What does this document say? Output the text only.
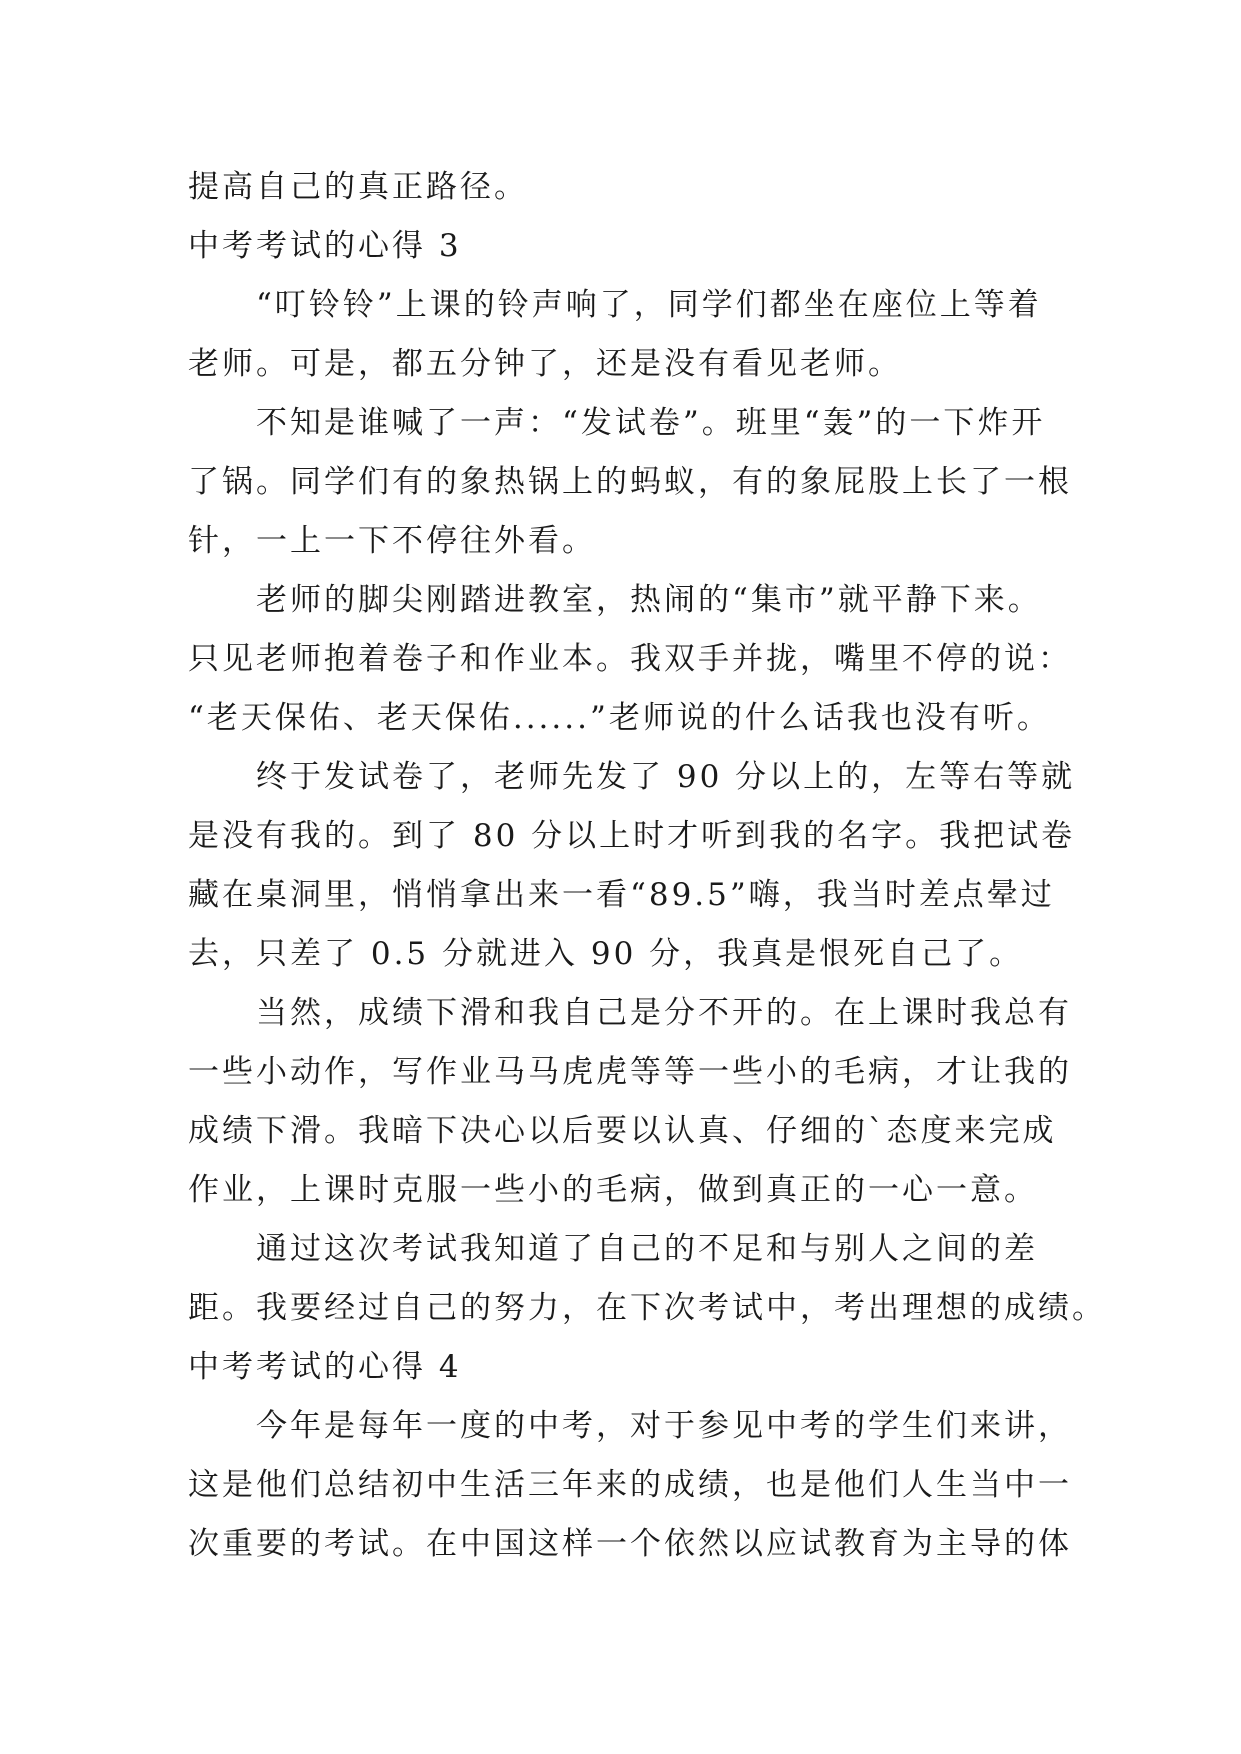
提高自己的真正路径。
中考考试的心得 3
“叮铃铃”上课的铃声响了，同学们都坐在座位上等着
老师。可是，都五分钟了，还是没有看见老师。
不知是谁喊了一声：“发试卷”。班里“轰”的一下炸开
了锅。同学们有的象热锅上的蚂蚁，有的象屁股上长了一根
针，一上一下不停往外看。
老师的脚尖刚踏进教室，热闹的“集市”就平静下来。
只见老师抱着卷子和作业本。我双手并拢，嘴里不停的说：
“老天保佑、老天保佑......”老师说的什么话我也没有听。
终于发试卷了，老师先发了 90 分以上的，左等右等就
是没有我的。到了 80 分以上时才听到我的名字。我把试卷
藏在桌洞里，悄悄拿出来一看“89.5”嗨，我当时差点晕过
去，只差了 0.5 分就进入 90 分，我真是恨死自己了。
当然，成绩下滑和我自己是分不开的。在上课时我总有
一些小动作，写作业马马虎虎等等一些小的毛病，才让我的
成绩下滑。我暗下决心以后要以认真、仔细的`态度来完成
作业，上课时克服一些小的毛病，做到真正的一心一意。
通过这次考试我知道了自己的不足和与别人之间的差
距。我要经过自己的努力，在下次考试中，考出理想的成绩。
中考考试的心得 4
今年是每年一度的中考，对于参见中考的学生们来讲，
这是他们总结初中生活三年来的成绩，也是他们人生当中一
次重要的考试。在中国这样一个依然以应试教育为主导的体
